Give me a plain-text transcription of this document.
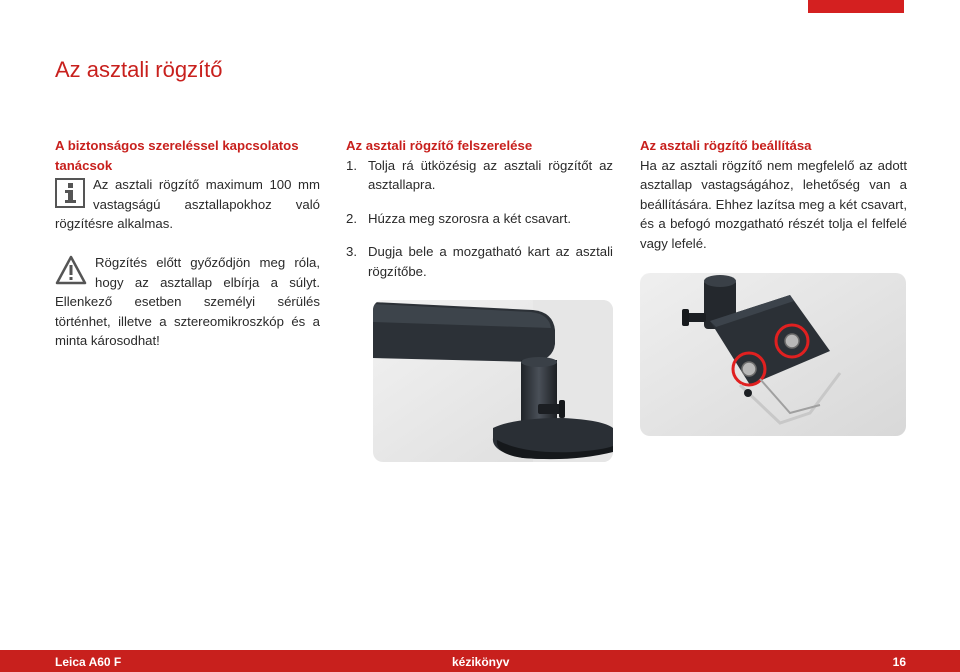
Az asztali rögzítő
A biztonságos szereléssel kapcsolatos tanácsok
Az asztali rögzítő maximum 100 mm vastagságú asztallapokhoz való rögzítésre alkalmas.
Rögzítés előtt győződjön meg róla, hogy az asztallap elbírja a súlyt. Ellenkező esetben személyi sérülés történhet, illetve a sztereomikroszkóp és a minta károsodhat!
Az asztali rögzítő felszerelése
1. Tolja rá ütközésig az asztali rögzítőt az asztallapra.
2. Húzza meg szorosra a két csavart.
3. Dugja bele a mozgatható kart az asztali rögzítőbe.
Az asztali rögzítő beállítása
Ha az asztali rögzítő nem megfelelő az adott asztallap vastagságához, lehetőség van a beállítására. Ehhez lazítsa meg a két csavart, és a befogó mozgatható részét tolja el felfelé vagy lefelé.
Leica A60 F	kézikönyv	16
